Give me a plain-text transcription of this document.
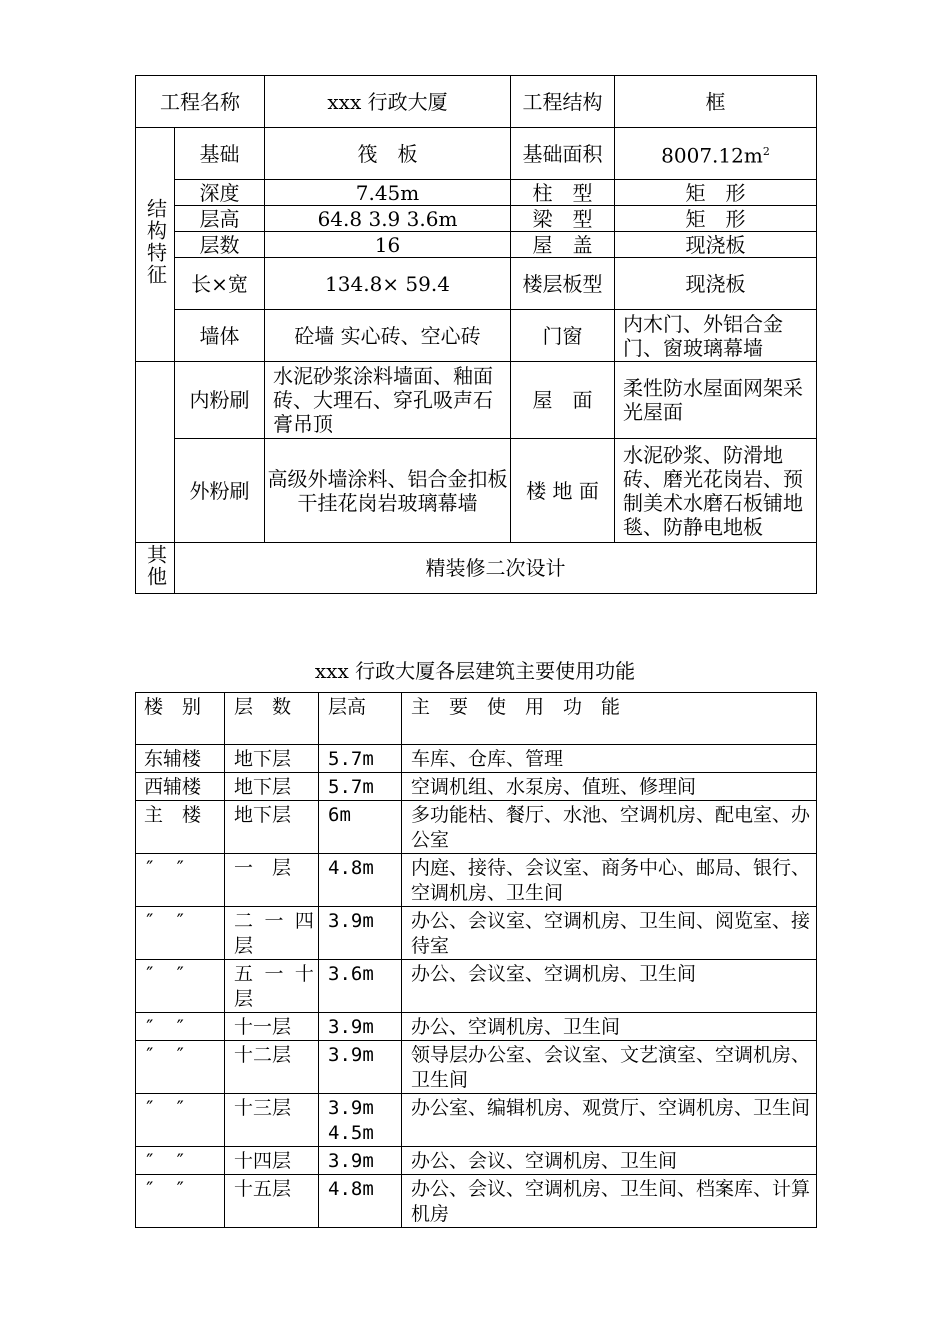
工程名称		xxx 行政大厦	工程结构	框
结构特征	基础	筏　板	基础面积	$8007.12m^2$
	深度	7.45m	柱　型	矩　形
	层高	64.8 3.9 3.6m	梁　型	矩　形
	层数	16	屋　盖	现浇板
	长×宽	134.8× 59.4	楼层板型	现浇板
	墙体	砼墙 实心砖、空心砖	门窗	内木门、外铝合金门、窗玻璃幕墙
	内粉刷	水泥砂浆涂料墙面、釉面砖、大理石、穿孔吸声石膏吊顶	屋　面	柔性防水屋面网架采光屋面
	外粉刷	高级外墙涂料、铝合金扣板干挂花岗岩玻璃幕墙	楼 地 面	水泥砂浆、防滑地砖、磨光花岗岩、预制美术水磨石板铺地毯、防静电地板
其他	精装修二次设计			
xxx 行政大厦各层建筑主要使用功能
楼　别	层　数	层高	主　要　使　用　功　能
东辅楼	地下层	5.7m	车库、仓库、管理
西辅楼	地下层	5.7m	空调机组、水泵房、值班、修理间
主　楼	地下层	6m	多功能枯、餐厅、水池、空调机房、配电室、办公室
″　″	一　层	4.8m	内庭、接待、会议室、商务中心、邮局、银行、空调机房、卫生间
″　″	二 一 四层	3.9m	办公、会议室、空调机房、卫生间、阅览室、接待室
″　″	五 一 十层	3.6m	办公、会议室、空调机房、卫生间
″　″	十一层	3.9m	办公、空调机房、卫生间
″　″	十二层	3.9m	领导层办公室、会议室、文艺演室、空调机房、卫生间
″　″	十三层	3.9m 4.5m	办公室、编辑机房、观赏厅、空调机房、卫生间
″　″	十四层	3.9m	办公、会议、空调机房、卫生间
″　″	十五层	4.8m	办公、会议、空调机房、卫生间、档案库、计算机房
